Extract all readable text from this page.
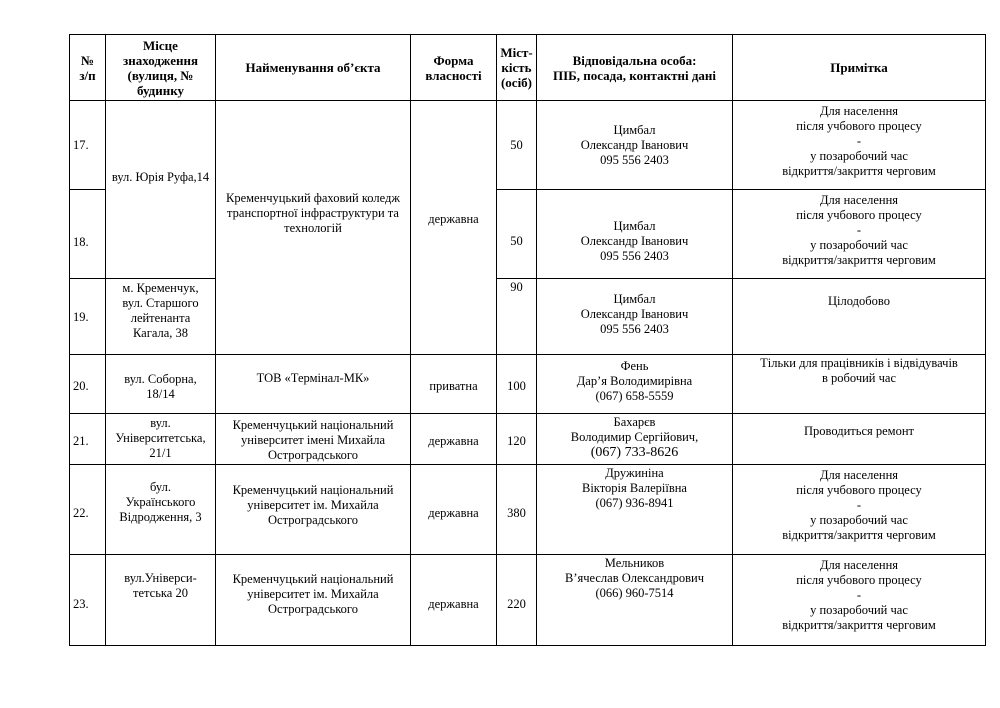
№
з/п	Місце
знаходження
(вулиця, №
будинку	Найменування об’єкта	Форма
власності	Міст-
кість
(осіб)	Відповідальна особа:
ПІБ, посада, контактні дані	Примітка
17.	вул. Юрія Руфа,14	Кременчуцький фаховий коледж
транспортної інфраструктури та
технологій	державна	50	Цимбал
Олександр Іванович
095 556 2403	Для населення
після учбового процесу
-
у позаробочий час
відкриття/закриття черговим

18.				50	Цимбал
Олександр Іванович
095 556 2403	Для населення
після учбового процесу
-
у позаробочий час
відкриття/закриття черговим

19.	м. Кременчук,
вул. Старшого
лейтенанта
Кагала, 38			90	Цимбал
Олександр Іванович
095 556 2403	Цілодобово

20.	вул. Соборна,
18/14	ТОВ «Термінал-МК»	приватна	100	Фень
Дар’я Володимирівна
(067) 658-5559	Тільки для працівників і відвідувачів
в робочий час

21.	вул.
Університетська,
21/1	Кременчуцький національний
університет імені Михайла
Остроградського	державна	120	Бахарєв
Володимир Сергійович,
(067) 733-8626	Проводиться ремонт

22.	бул.
Українського
Відродження, 3	Кременчуцький національний
університет ім. Михайла
Остроградського	державна	380	Дружиніна
Вікторія Валеріївна
(067) 936-8941	Для населення
після учбового процесу
-
у позаробочий час
відкриття/закриття черговим

23.	вул.Універси-
тетська 20	Кременчуцький національний
університет ім. Михайла
Остроградського	державна	220	Мельников
В’ячеслав Олександрович
(066) 960-7514	Для населення
після учбового процесу
-
у позаробочий час
відкриття/закриття черговим
